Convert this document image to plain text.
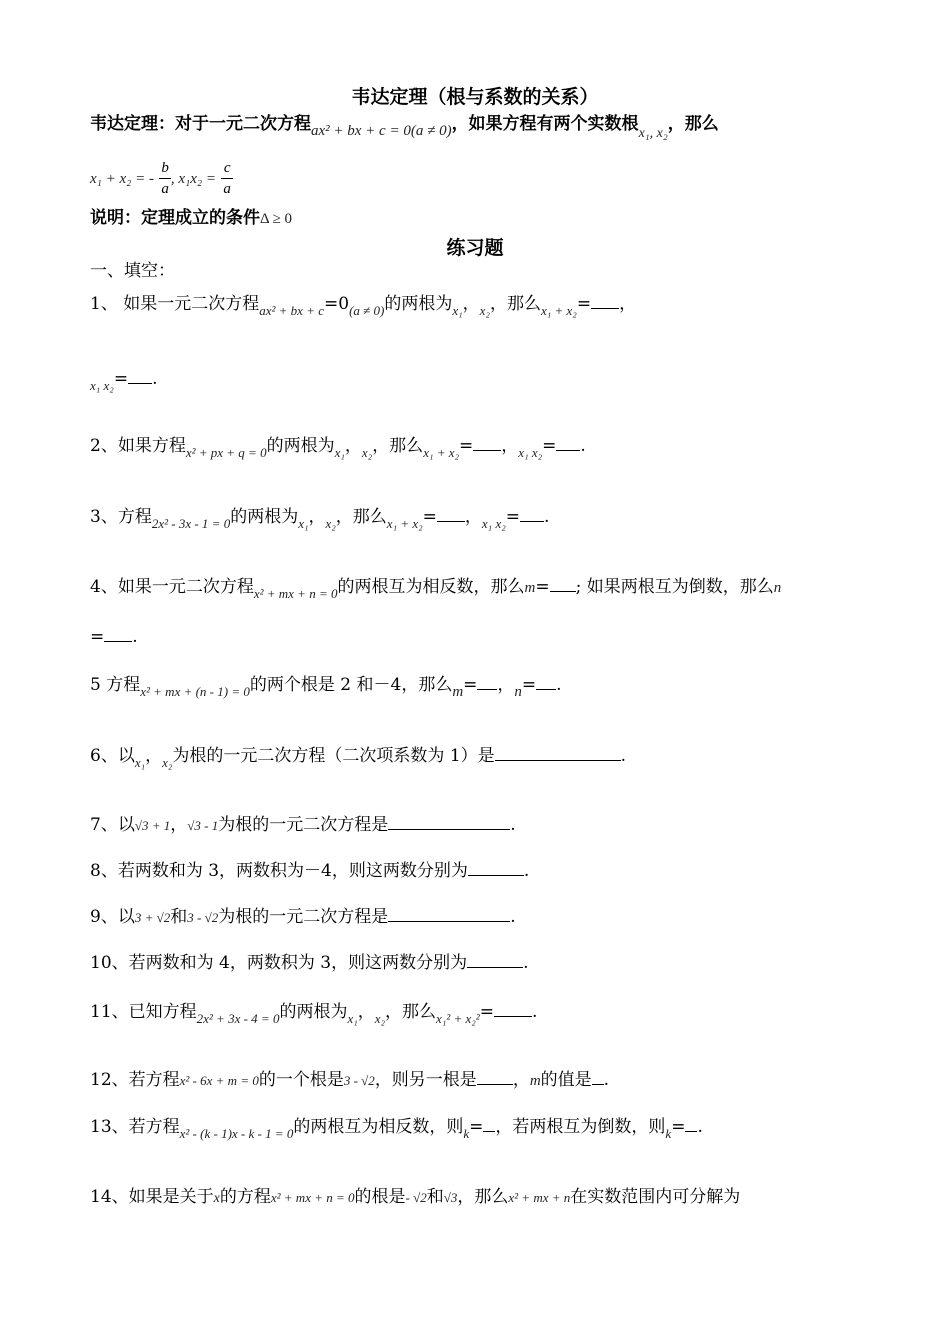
韦达定理（根与系数的关系）
韦达定理：对于一元二次方程ax² + bx + c = 0(a ≠ 0)，如果方程有两个实数根$_{x_1, x_2}$，那么
x₁ + x₂ = - $\frac{b}{a}$ , $x_1x_2 = \frac{c}{a}$
说明：定理成立的条件Δ ≥ 0
练习题
一、填空：
1、 如果一元二次方程$_{ax^2 + bx + c}=0_{(a \ne 0)}$的两根为$_{x_1}$，$_{x_2}$，那么$_{x_1 + x_2}$= ，
$_{x_1 x_2}$= .
2、如果方程$_{x^2 + px + q = 0}$的两根为$_{x_1}$，$_{x_2}$，那么$_{x_1 + x_2}$= ，$_{x_1 x_2}$= .
3、方程$_{2x^2 - 3x - 1 = 0}$的两根为$_{x_1}$，$_{x_2}$，那么$_{x_1 + x_2}$= ，$_{x_1 x_2}$= .
4、如果一元二次方程$_{x^2 + mx + n = 0}$的两根互为相反数，那么m= ; 如果两根互为倒数，那么n
= .
5 方程$_{x^2 + mx + (n - 1) = 0}$的两个根是 2 和－4，那么m= ，n= .
6、以$_{x_1}$，$_{x_2}$为根的一元二次方程（二次项系数为 1）是	.
7、以√3 + 1，√3 - 1为根的一元二次方程是	.
8、若两数和为 3，两数积为－4，则这两数分别为	.
9、以3 + √2和3 - √2为根的一元二次方程是	.
10、若两数和为 4，两数积为 3，则这两数分别为	.
11、已知方程$_{2x^2 + 3x - 4 = 0}$的两根为$_{x_1}$，$_{x_2}$，那么$_{x_1^2 + x_2^2}$= .
12、若方程x² - 6x + m = 0的一个根是3 - √2，则另一根是 ，m的值是 .
13、若方程$_{x^2 - (k - 1)x - k - 1 = 0}$的两根互为相反数，则$_k$= ，若两根互为倒数，则$_k$= .
14、如果是关于x的方程x² + mx + n = 0的根是- √2和√3，那么x² + mx + n在实数范围内可分解为
